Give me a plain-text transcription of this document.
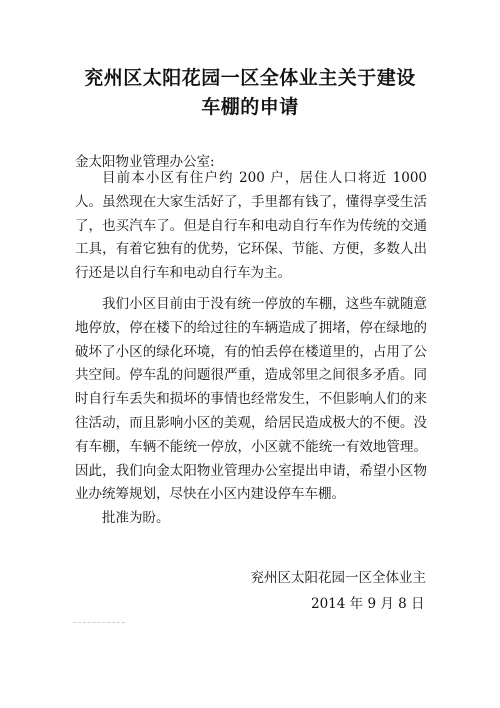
兖州区太阳花园一区全体业主关于建设
车棚的申请
金太阳物业管理办公室:

目前本小区有住户约 200 户，居住人口将近 1000 人。虽然现在大家生活好了，手里都有钱了，懂得享受生活了，也买汽车了。但是自行车和电动自行车作为传统的交通工具，有着它独有的优势，它环保、节能、方便，多数人出行还是以自行车和电动自行车为主。

我们小区目前由于没有统一停放的车棚，这些车就随意地停放，停在楼下的给过往的车辆造成了拥堵，停在绿地的破坏了小区的绿化环境，有的怕丢停在楼道里的，占用了公共空间。停车乱的问题很严重，造成邻里之间很多矛盾。同时自行车丢失和损坏的事情也经常发生，不但影响人们的来往活动，而且影响小区的美观，给居民造成极大的不便。没有车棚，车辆不能统一停放，小区就不能统一有效地管理。因此，我们向金太阳物业管理办公室提出申请，希望小区物业办统筹规划，尽快在小区内建设停车车棚。

批准为盼。

兖州区太阳花园一区全体业主
2014 年 9 月 8 日
